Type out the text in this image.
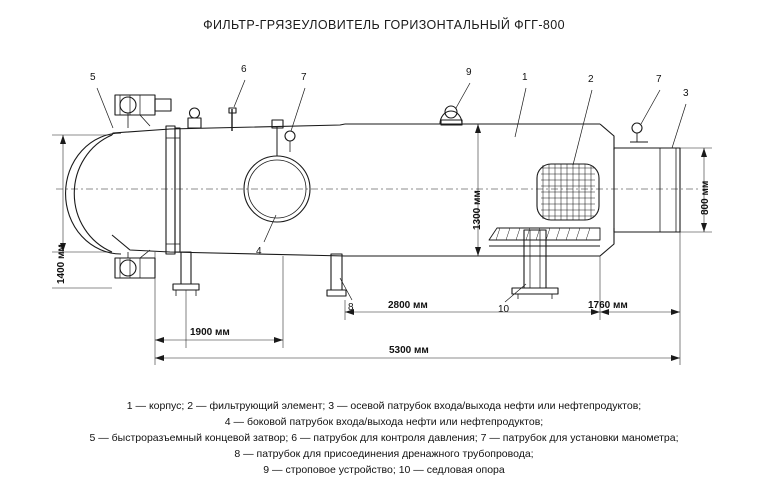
ФИЛЬТР-ГРЯЗЕУЛОВИТЕЛЬ ГОРИЗОНТАЛЬНЫЙ ФГГ-800
5
6
7	9	1	2	7
3
4
8	10
1400 мм
1300 мм	800 мм
1900 мм
2800 мм	1760 мм
5300 мм
1 — корпус; 2 — фильтрующий элемент; 3 — осевой патрубок входа/выхода нефти или нефтепродуктов;
4 — боковой патрубок входа/выхода нефти или нефтепродуктов;
5 — быстроразъемный концевой затвор; 6 — патрубок для контроля давления; 7 — патрубок для установки манометра;
8 — патрубок для присоединения дренажного трубопровода;
9 — стропoвое устройство; 10 — седловая опора
